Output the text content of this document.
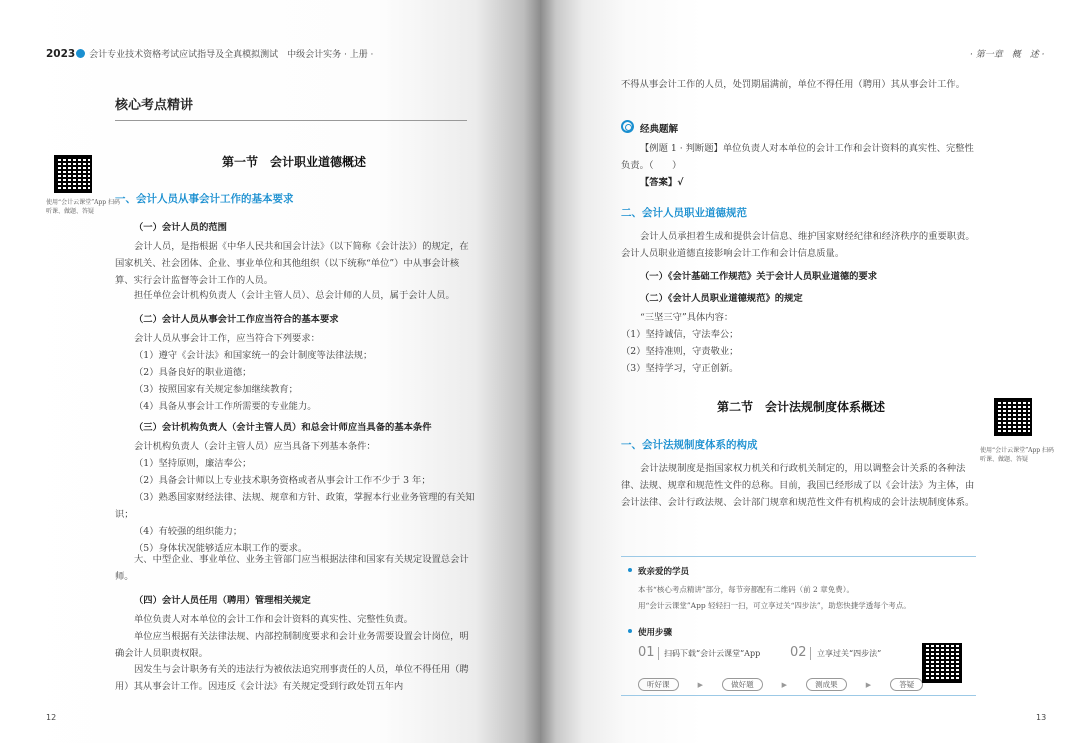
2023 会计专业技术资格考试应试指导及全真模拟测试　中级会计实务 · 上册 ·
核心考点精讲
使用“会计云课堂”App 扫码听课、做题、答疑
第一节　会计职业道德概述
一、会计人员从事会计工作的基本要求
（一）会计人员的范围
会计人员，是指根据《中华人民共和国会计法》（以下简称《会计法》）的规定，在国家机关、社会团体、企业、事业单位和其他组织（以下统称“单位”）中从事会计核算、实行会计监督等会计工作的人员。
担任单位会计机构负责人（会计主管人员）、总会计师的人员，属于会计人员。
（二）会计人员从事会计工作应当符合的基本要求
会计人员从事会计工作，应当符合下列要求：

（1）遵守《会计法》和国家统一的会计制度等法律法规；

（2）具备良好的职业道德；

（3）按照国家有关规定参加继续教育；

（4）具备从事会计工作所需要的专业能力。

（三）会计机构负责人（会计主管人员）和总会计师应当具备的基本条件
会计机构负责人（会计主管人员）应当具备下列基本条件：

（1）坚持原则，廉洁奉公；

（2）具备会计师以上专业技术职务资格或者从事会计工作不少于 3 年；

（3）熟悉国家财经法律、法规、规章和方针、政策，掌握本行业业务管理的有关知识；

（4）有较强的组织能力；

（5）身体状况能够适应本职工作的要求。

大、中型企业、事业单位、业务主管部门应当根据法律和国家有关规定设置总会计师。
（四）会计人员任用（聘用）管理相关规定
单位负责人对本单位的会计工作和会计资料的真实性、完整性负责。
单位应当根据有关法律法规、内部控制制度要求和会计业务需要设置会计岗位，明确会计人员职责权限。
因发生与会计职务有关的违法行为被依法追究刑事责任的人员，单位不得任用（聘用）其从事会计工作。因违反《会计法》有关规定受到行政处罚五年内
12
· 第一章　概　述 ·
不得从事会计工作的人员，处罚期届满前，单位不得任用（聘用）其从事会计工作。
经典题解
【例题 1 · 判断题】单位负责人对本单位的会计工作和会计资料的真实性、完整性负责。（　　）
【答案】√
二、会计人员职业道德规范
会计人员承担着生成和提供会计信息、维护国家财经纪律和经济秩序的重要职责。会计人员职业道德直接影响会计工作和会计信息质量。
（一）《会计基础工作规范》关于会计人员职业道德的要求
（二）《会计人员职业道德规范》的规定
“三坚三守”具体内容：

（1）坚持诚信，守法奉公；

（2）坚持准则，守责敬业；

（3）坚持学习，守正创新。

第二节　会计法规制度体系概述
使用“会计云课堂”App 扫码听课、做题、答疑
一、会计法规制度体系的构成
会计法规制度是指国家权力机关和行政机关制定的，用以调整会计关系的各种法律、法规、规章和规范性文件的总称。目前，我国已经形成了以《会计法》为主体，由会计法律、会计行政法规、会计部门规章和规范性文件有机构成的会计法规制度体系。
致亲爱的学员
本书“核心考点精讲”部分，每节旁都配有二维码（前 2 章免费）。
用“会计云课堂”App 轻轻扫一扫，可立享过关“四步法”，助您快捷学透每个考点。
使用步骤
01 扫码下载“会计云课堂”App 02 立享过关“四步法”
听好课	▶	做好题	▶	测成果	▶	答疑
13
